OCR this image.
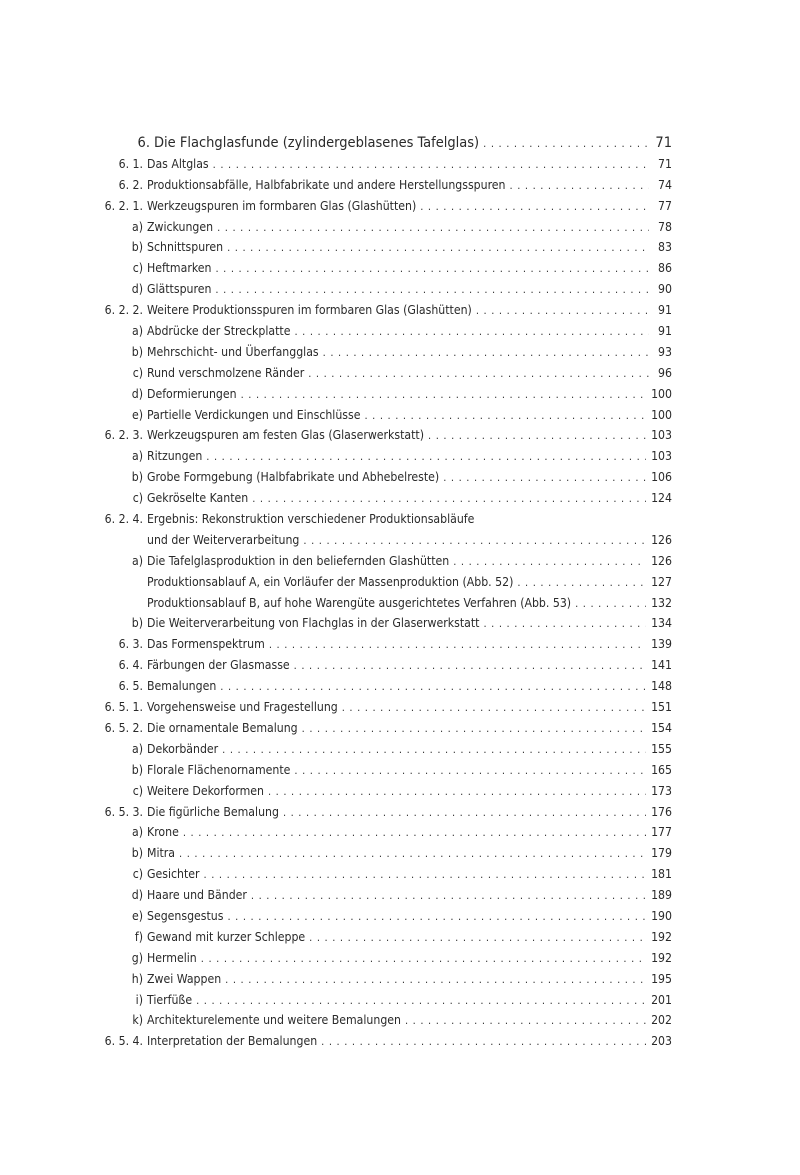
6. Die Flachglasfunde (zylindergeblasenes Tafelglas) . . .	71
6. 1. Das Altglas . . .	71
6. 2. Produktionsabfälle, Halbfabrikate und andere Herstellungsspuren . . .	74
6. 2. 1. Werkzeugspuren im formbaren Glas (Glashütten) . . .	77
a) Zwickungen . . .	78
b) Schnittspuren . . .	83
c) Heftmarken . . .	86
d) Glättspuren . . .	90
6. 2. 2. Weitere Produktionsspuren im formbaren Glas (Glashütten) . . .	91
a) Abdrücke der Streckplatte . . .	91
b) Mehrschicht- und Überfangglas . . .	93
c) Rund verschmolzene Ränder . . .	96
d) Deformierungen . . .	100
e) Partielle Verdickungen und Einschlüsse . . .	100
6. 2. 3. Werkzeugspuren am festen Glas (Glaserwerkstatt) . . .	103
a) Ritzungen . . .	103
b) Grobe Formgebung (Halbfabrikate und Abhebelreste) . . .	106
c) Gekröselte Kanten . . .	124
6. 2. 4. Ergebnis: Rekonstruktion verschiedener Produktionsabläufe
und der Weiterverarbeitung . . .	126
a) Die Tafelglasproduktion in den beliefernden Glashütten . . .	126
Produktionsablauf A, ein Vorläufer der Massenproduktion (Abb. 52) . . .	127
Produktionsablauf B, auf hohe Warengüte ausgerichtetes Verfahren (Abb. 53) . . .	132
b) Die Weiterverarbeitung von Flachglas in der Glaserwerkstatt . . .	134
6. 3. Das Formenspektrum . . .	139
6. 4. Färbungen der Glasmasse . . .	141
6. 5. Bemalungen . . .	148
6. 5. 1. Vorgehensweise und Fragestellung . . .	151
6. 5. 2. Die ornamentale Bemalung . . .	154
a) Dekorbänder . . .	155
b) Florale Flächenornamente . . .	165
c) Weitere Dekorformen . . .	173
6. 5. 3. Die figürliche Bemalung . . .	176
a) Krone . . .	177
b) Mitra . . .	179
c) Gesichter . . .	181
d) Haare und Bänder . . .	189
e) Segensgestus . . .	190
f) Gewand mit kurzer Schleppe . . .	192
g) Hermelin . . .	192
h) Zwei Wappen . . .	195
i) Tierfüße . . .	201
k) Architekturelemente und weitere Bemalungen . . .	202
6. 5. 4. Interpretation der Bemalungen . . .	203
